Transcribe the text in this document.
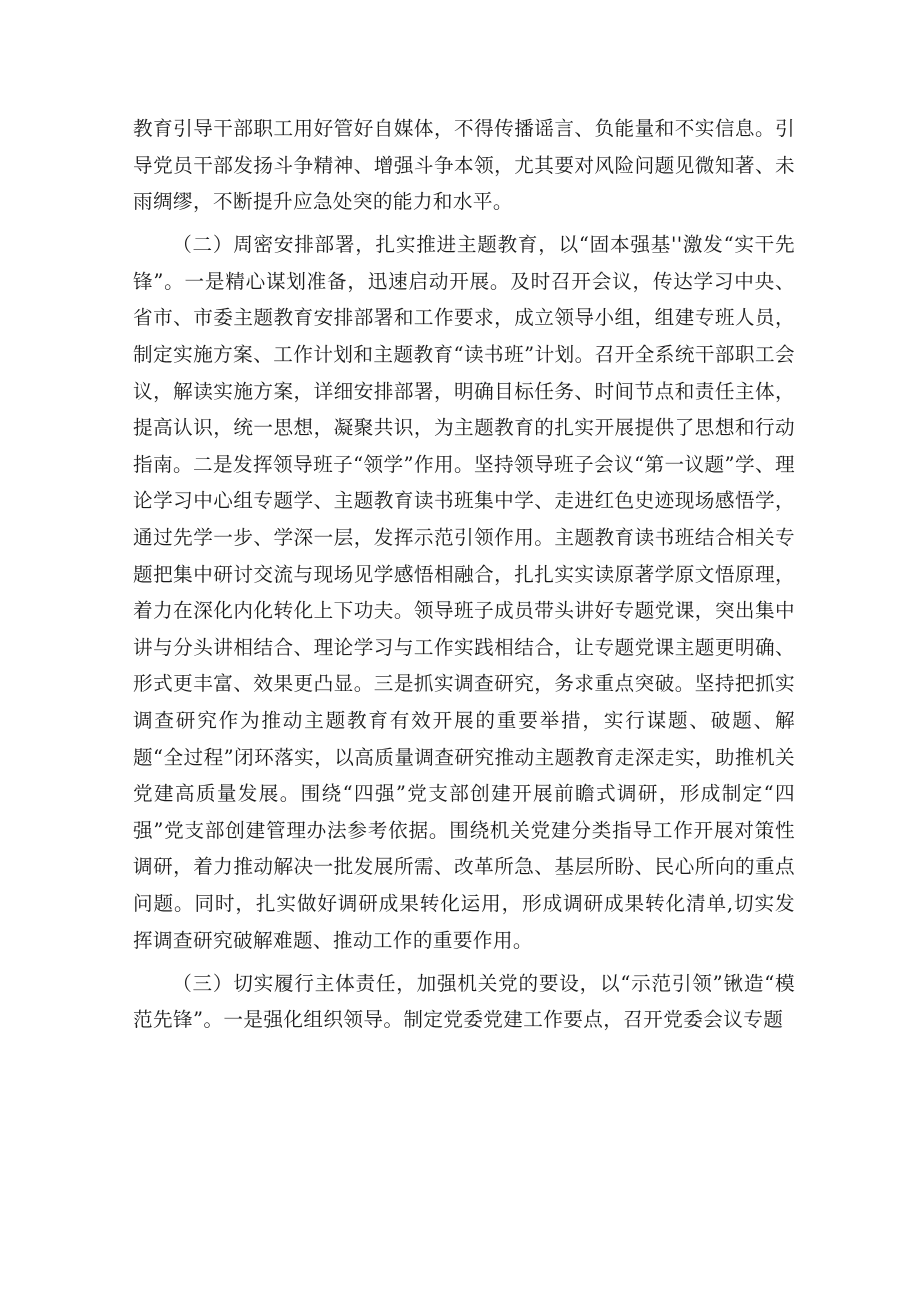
教育引导干部职工用好管好自媒体，不得传播谣言、负能量和不实信息。引导党员干部发扬斗争精神、增强斗争本领，尤其要对风险问题见微知著、未雨绸缪，不断提升应急处突的能力和水平。

（二）周密安排部署，扎实推进主题教育，以“固本强基''激发“实干先锋”。一是精心谋划准备，迅速启动开展。及时召开会议，传达学习中央、省市、市委主题教育安排部署和工作要求，成立领导小组，组建专班人员，制定实施方案、工作计划和主题教育“读书班”计划。召开全系统干部职工会议，解读实施方案，详细安排部署，明确目标任务、时间节点和责任主体，提高认识，统一思想，凝聚共识，为主题教育的扎实开展提供了思想和行动指南。二是发挥领导班子“领学”作用。坚持领导班子会议“第一议题”学、理论学习中心组专题学、主题教育读书班集中学、走进红色史迹现场感悟学，通过先学一步、学深一层，发挥示范引领作用。主题教育读书班结合相关专题把集中研讨交流与现场见学感悟相融合，扎扎实实读原著学原文悟原理，着力在深化内化转化上下功夫。领导班子成员带头讲好专题党课，突出集中讲与分头讲相结合、理论学习与工作实践相结合，让专题党课主题更明确、形式更丰富、效果更凸显。三是抓实调查研究，务求重点突破。坚持把抓实调查研究作为推动主题教育有效开展的重要举措，实行谋题、破题、解题“全过程”闭环落实，以高质量调查研究推动主题教育走深走实，助推机关党建高质量发展。围绕“四强”党支部创建开展前瞻式调研，形成制定“四强”党支部创建管理办法参考依据。围绕机关党建分类指导工作开展对策性调研，着力推动解决一批发展所需、改革所急、基层所盼、民心所向的重点问题。同时，扎实做好调研成果转化运用，形成调研成果转化清单,切实发挥调查研究破解难题、推动工作的重要作用。

（三）切实履行主体责任，加强机关党的要设，以“示范引领”锹造“模范先锋”。一是强化组织领导。制定党委党建工作要点，召开党委会议专题
